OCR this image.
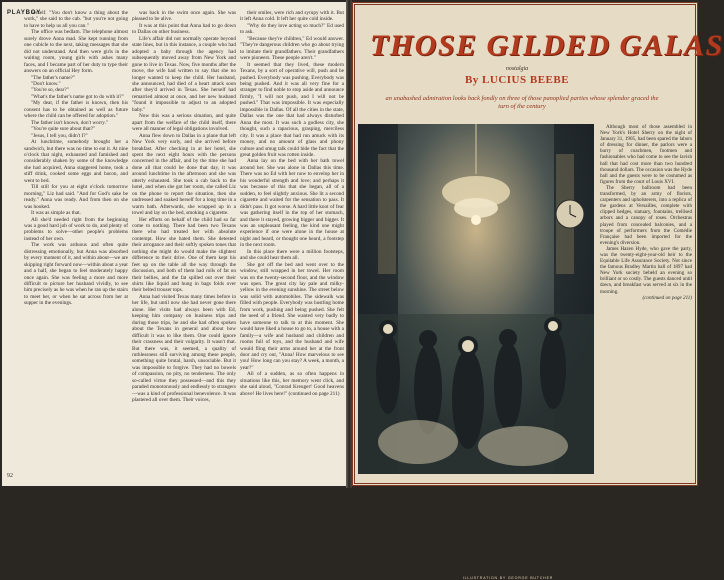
PLAYBOY

herself. "You don't know a thing about the work," she said to the cab. "but you're not going to have to help us all you can."

The office was bedlam. The telephone almost surely drove Anna mad. She kept running from one cubicle to the next, taking messages that she did not understand. And then were girls in the waiting room, young girls with ashes many faces, and I became part of her duty to type their answers on an official Hey form.

"The father's name?"

"Don't know."

"You're so, dear?"

"What's the father's name got to do with it?"

"My dear, if the father is known, then his consent has to be obtained as well as future where the child can be offered for adoption."

The father isn't known, don't worry."

"You're quite sure about that?"

"Jesus, I tell you, didn't I?"

At lunchtime, somebody brought her a sandwich, but there was no time to eat it. At nine o'clock that night, exhausted and famished and considerably shaken by some of the knowledge she had acquired, Anna staggered home, took a stiff drink, cooked some eggs and bacon, and went to bed.

Till still for you at eight o'clock tomorrow morning," Liz had said. "And for God's sake be ready." Anna was ready. And from then on she was hooked.

It was as simple as that.

All she'd needed right from the beginning was a good hard job of work to do, and plenty of problems to solve—other people's problems instead of her own.

The work was arduous and often quite distressing emotionally, but Anna was absorbed by every moment of it, and within about—we are skipping right forward now—within about a year and a half, she began to feel moderately happy once again. She was feeling a more and more difficult to picture her husband vividly, to see him precisely as he was when he ran up the stairs to meet her, or when he sat across from her at supper in the evenings.

was back in the swim once again. She was pleased to be alive.

It was at this point that Anna had to go down to Dallas on other business.

Life's affair did not normally operate beyond state lines, but in this instance, a couple who had adopted a baby through the agency had subsequently moved away from New York and gone to live in Texas. Now, five months after the move, the wife had written to say that she no longer wanted to keep the child. Her husband, she announced, had died of a heart attack soon after they'd arrived in Texas. She herself had remarried almost at once, and her new husband "found it impossible to adjust to an adopted baby."

Now this was a serious situation, and quite apart from the welfare of the child itself, there were all manner of legal obligations involved.

Anna flew down to Dallas in a plane that left New York very early, and she arrived before breakfast. After checking in at her hotel, she spent the next eight hours with the persons concerned in the affair, and by the time she had done all that could be done that day, it was around lunchtime in the afternoon and she was utterly exhausted. She took a cab back to the hotel, and when she got her room, she called Liz on the phone to report the situation, then she undressed and soaked herself for a long time in a warm bath. Afterwards, she wrapped up in a towel and lay on the bed, smoking a cigarette.

Her efforts on behalf of the child had so far come to nothing. There had been two Texans there who had treated her with absolute contempt. How she hated them. She detested their arrogance and their softly spoken tones that nothing she might do would make the slightest difference to their drive. One of them kept his feet up on the table all the way through the discussion, and both of them had rolls of fat on their bellies, and the fat spilled out over their shirts like liquid and hung in bags folds over their belted trouser tops.

Anna had visited Texas many times before in her life, but until now she had never gone there alone. Her visits had always been with Ed, keeping him company on business trips and during those trips, he and she had often spoken about the Texans in general and about how difficult it was to like them. One could ignore their crassness and their vulgarity. It wasn't that. But there was, it seemed, a quality of ruthlessness still surviving among these people, something quite brutal, harsh, unsociable. But it was impossible to forgive. They had no bowels of compassion, no pity, no tenderness. The only so-called virtue they possessed—and this they paraded monotonously and endlessly to strangers—was a kind of professional benevolence. It was plastered all over them. Their voices,

their smiles, were rich and syrupy with it. But it left Anna cold. It left her quite cold inside.

"Why do they love acting so much?" Ed used to ask.

"Because they're children," Ed would answer. "They're dangerous children who go about trying to imitate their grandfathers. Their grandfathers were pioneers. These people aren't."

It seemed that they lived, these modern Texans, by a sort of operative will, push and be pushed. Everybody was pushing. Everybody was being pushed. And it was all very fine for a stranger to find noble to stop aside and announce firmly, "I will not push, and I will not be pushed." That was impossible. It was especially impossible in Dallas. Of all the cities in the state, Dallas was the one that had always disturbed Anna the most. It was such a godless city, she thought, such a rapacious, grasping, merciless city. It was a place that had run amuck with its money, and no amount of glass and phony culture and smug talk could hide the fact that the great golden fruit was rotten inside.

Anna lay on the bed with her bath towel around her. She was alone in Dallas this time. There was no Ed with her now to envelop her in his wonderful strength and love; and perhaps it was because of this that she began, all of a sudden, to feel slightly anxious. She lit a second cigarette and waited for the sensation to pass. It didn't pass. It got worse. A hard little knot of fear was gathering itself in the top of her stomach, and there it stayed, growing bigger and bigger. It was an unpleasant feeling, the kind one might experience if one were alone in the house at night and heard, or thought one heard, a footstep in the next room.

In this place there were a million footsteps, and she could hear them all.

She got off the bed and went over to the window, still wrapped in her towel. Her room was on the twenty-second floor, and the window was open. The great city lay pale and milky-yellow in the evening sunshine. The street below was solid with automobiles. The sidewalk was filled with people. Everybody was hustling home from work, pushing and being pushed. She felt the need of a friend. She wanted very badly to have someone to talk to at this moment. She would have liked a house to go to, a house with a family—a wife and husband and children and rooms full of toys, and the husband and wife would fling their arms around her at the front door and cry out, "Anna! How marvelous to see you! How long can you stay? A week, a month, a year?"

All of a sudden, as so often happens in situations like this, her memory went click, and she said aloud, "Conrad Kreuger! Good heavens above! He lives here!" (continued on page 211)

92
THOSE GILDED GALAS
nostalgia
By LUCIUS BEEBE
an unabashed admiration looks back fondly on three of those panoplied parties whose splendor graced the turn of the century
ILLUSTRATION BY GEORGE BUTCHER

Although most of those assembled in New York's Hotel Sherry on the night of January 31, 1905, had been spared the labors of dressing for dinner, the parlors were a hurry of coachmen, footmen and fashionables who had come to see the lavish ball that had cost more than two hundred thousand dollars. The occasion was the Hyde ball and the guests were to be costumed as figures from the court of Louis XVI.

The Sherry ballroom had been transformed, by an army of florists, carpenters and upholsterers, into a replica of the gardens at Versailles, complete with clipped hedges, statuary, fountains, trellised arbors and a canopy of roses. Orchestras played from concealed balconies, and a troupe of performers from the Comédie Française had been imported for the evening's diversion.

James Hazen Hyde, who gave the party, was the twenty-eight-year-old heir to the Equitable Life Assurance Society. Not since the famous Bradley Martin ball of 1897 had New York society beheld an evening so brilliant or so costly. The guests danced until dawn, and breakfast was served at six in the morning.

(continued on page 211)
